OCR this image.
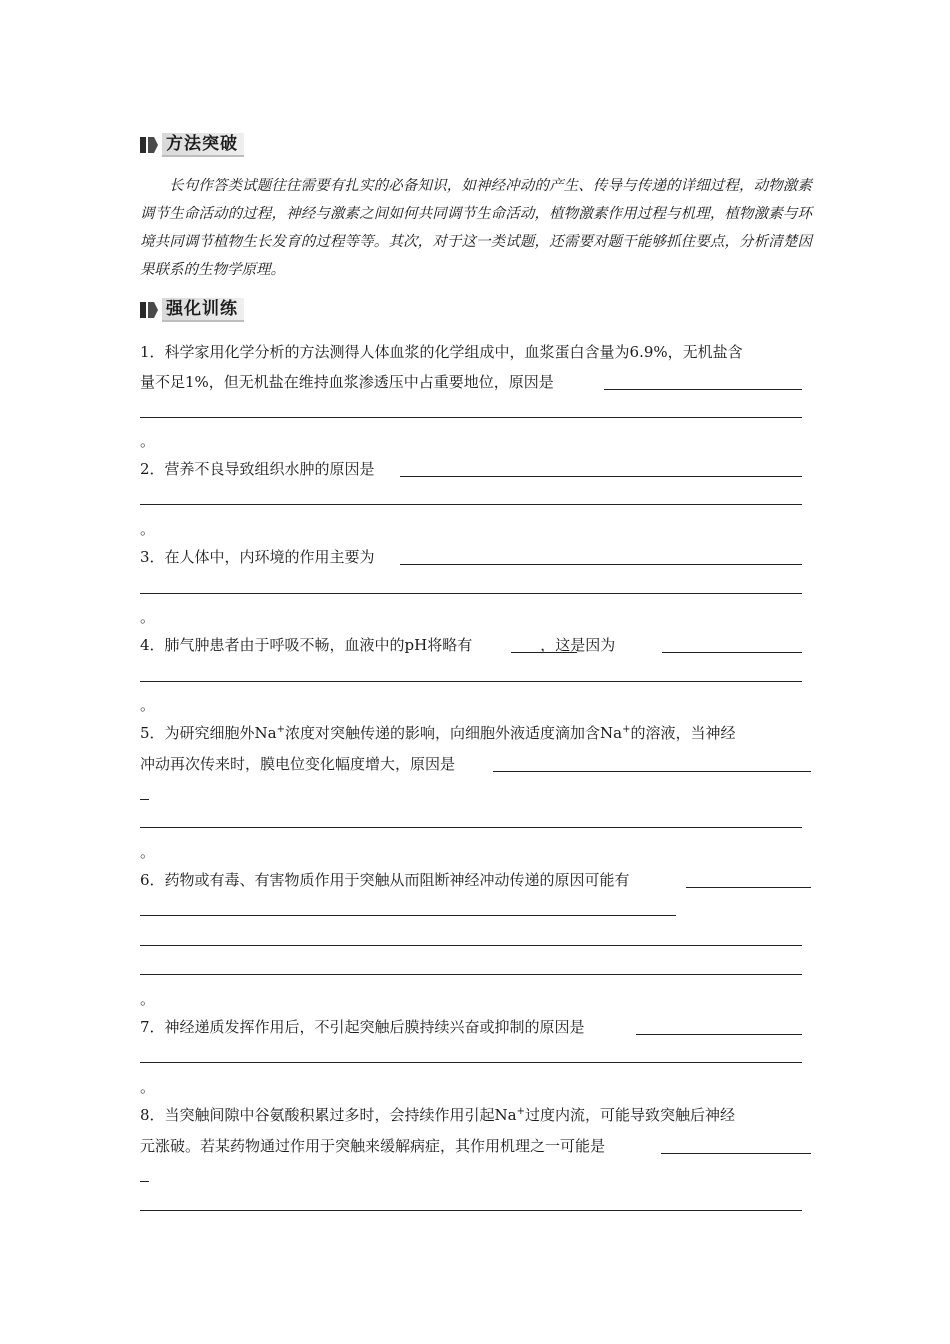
方法突破

长句作答类试题往往需要有扎实的必备知识，如神经冲动的产生、传导与传递的详细过程，动物激素调节生命活动的过程，神经与激素之间如何共同调节生命活动，植物激素作用过程与机理，植物激素与环境共同调节植物生长发育的过程等等。其次，对于这一类试题，还需要对题干能够抓住要点，分析清楚因果联系的生物学原理。

强化训练
1．科学家用化学分析的方法测得人体血浆的化学组成中，血浆蛋白含量为6.9%，无机盐含
量不足1%，但无机盐在维持血浆渗透压中占重要地位，原因是
。
2．营养不良导致组织水肿的原因是
。
3．在人体中，内环境的作用主要为
。
4．肺气肿患者由于呼吸不畅，血液中的pH将略有	，这是因为
。
5．为研究细胞外Na+浓度对突触传递的影响，向细胞外液适度滴加含Na+的溶液，当神经
冲动再次传来时，膜电位变化幅度增大，原因是
。
6．药物或有毒、有害物质作用于突触从而阻断神经冲动传递的原因可能有
。
7．神经递质发挥作用后，不引起突触后膜持续兴奋或抑制的原因是
。
8．当突触间隙中谷氨酸积累过多时，会持续作用引起Na+过度内流，可能导致突触后神经
元涨破。若某药物通过作用于突触来缓解病症，其作用机理之一可能是
